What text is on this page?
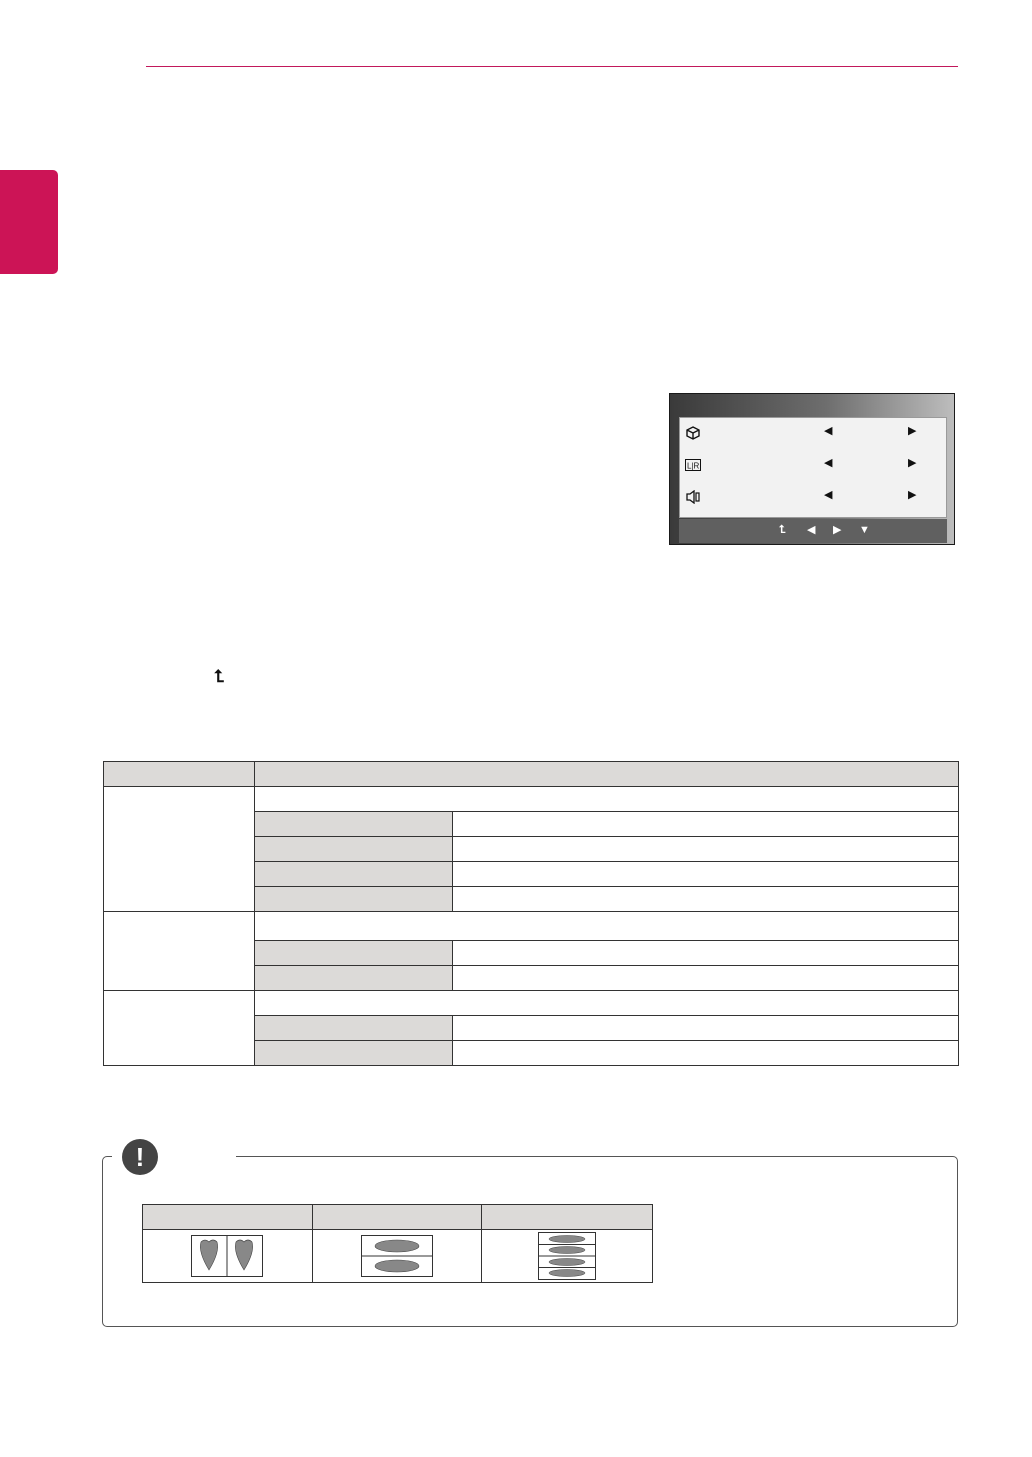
◀	▶
L|R	◀	▶
◀	▶
⮤ ◀ ▶ ▼
⮤

!
